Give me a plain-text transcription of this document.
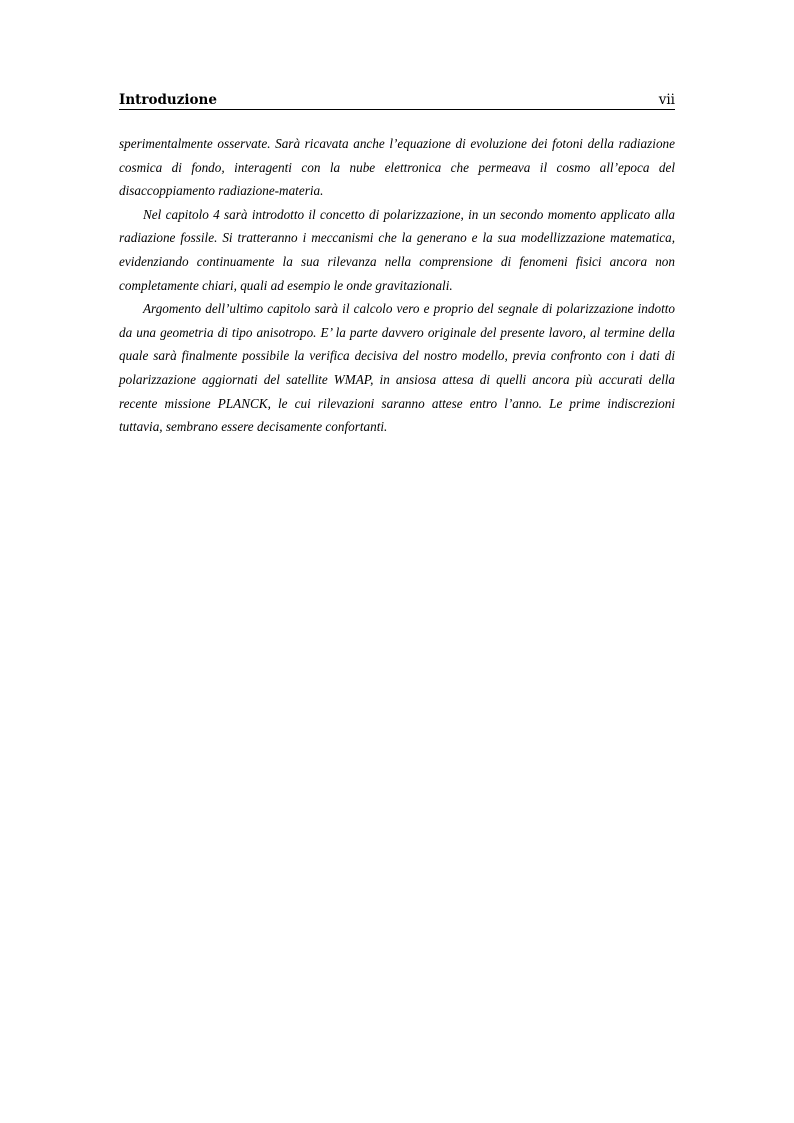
Introduzione	vii

sperimentalmente osservate. Sarà ricavata anche l’equazione di evoluzione dei fotoni della radiazione cosmica di fondo, interagenti con la nube elettronica che permeava il cosmo all’epoca del disaccoppiamento radiazione-materia.

Nel capitolo 4 sarà introdotto il concetto di polarizzazione, in un secondo momento applicato alla radiazione fossile. Si tratteranno i meccanismi che la generano e la sua modellizzazione matematica, evidenziando continuamente la sua rilevanza nella comprensione di fenomeni fisici ancora non completamente chiari, quali ad esempio le onde gravitazionali.

Argomento dell’ultimo capitolo sarà il calcolo vero e proprio del segnale di polarizzazione indotto da una geometria di tipo anisotropo. E’ la parte davvero originale del presente lavoro, al termine della quale sarà finalmente possibile la verifica decisiva del nostro modello, previa confronto con i dati di polarizzazione aggiornati del satellite WMAP, in ansiosa attesa di quelli ancora più accurati della recente missione PLANCK, le cui rilevazioni saranno attese entro l’anno. Le prime indiscrezioni tuttavia, sembrano essere decisamente confortanti.
